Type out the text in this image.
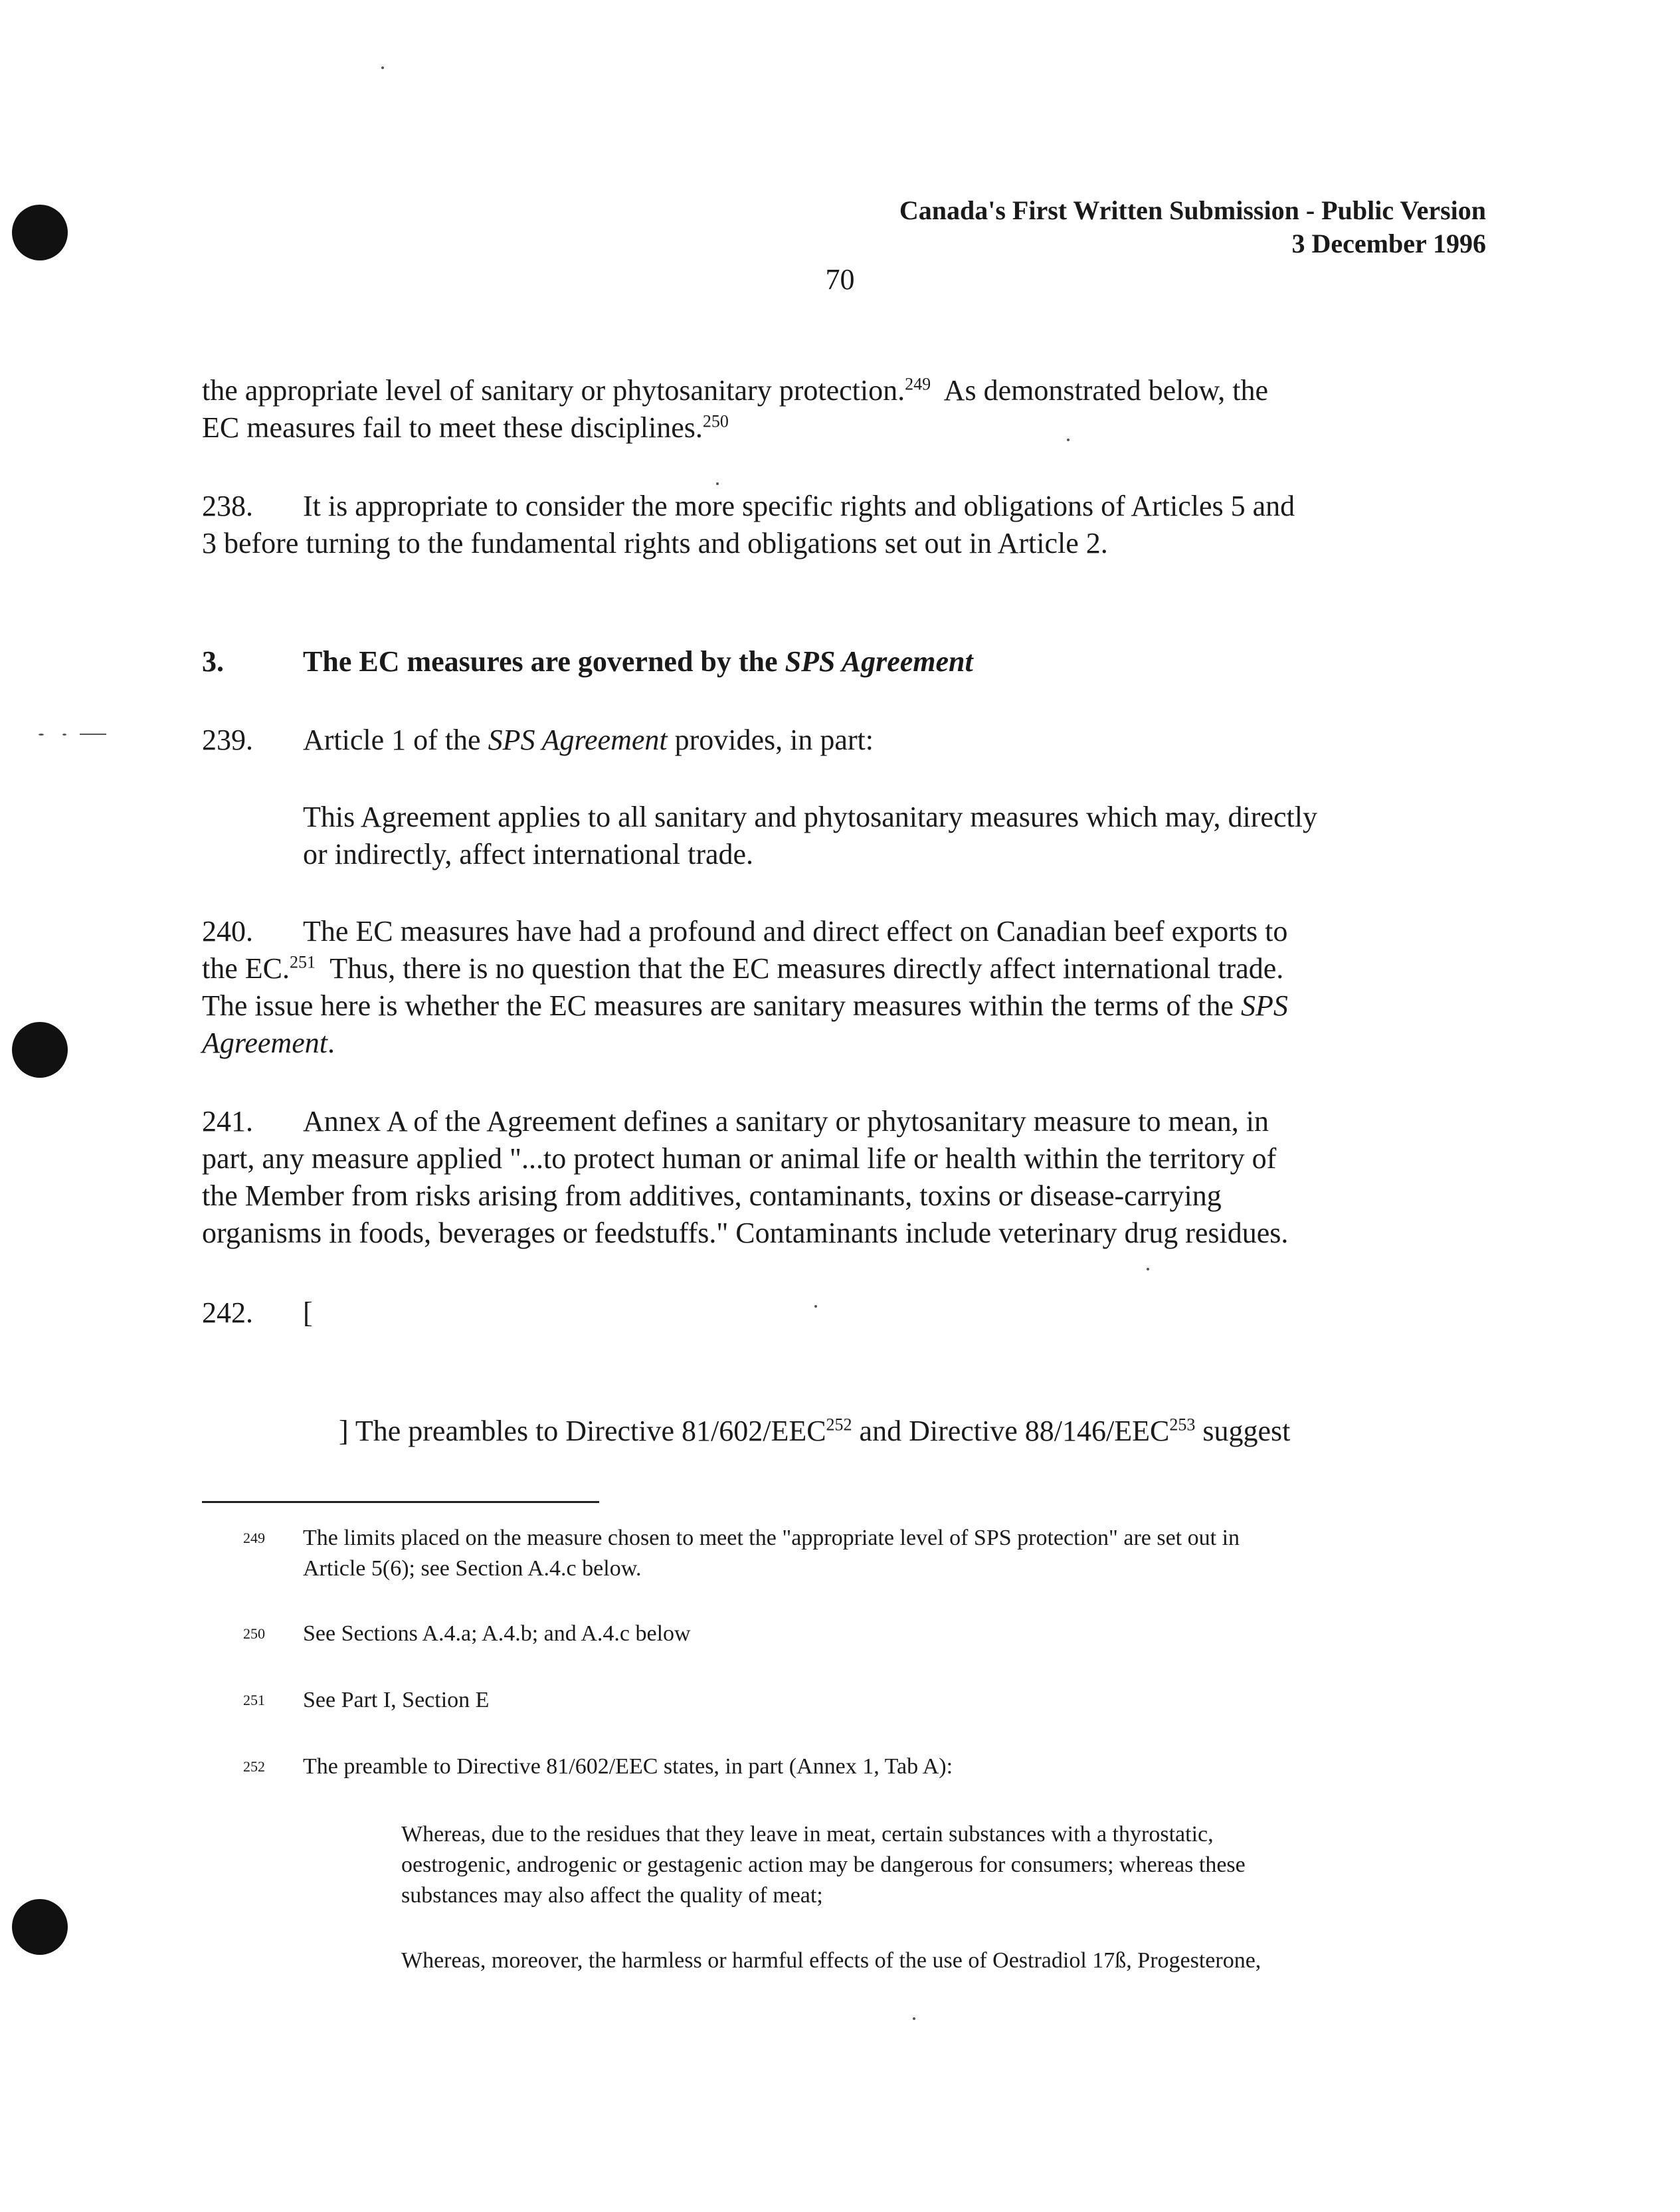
Canada's First Written Submission - Public Version
3 December 1996
70
the appropriate level of sanitary or phytosanitary protection.$^{249}$  As demonstrated below, the
EC measures fail to meet these disciplines.$^{250}$
238. It is appropriate to consider the more specific rights and obligations of Articles 5 and
3 before turning to the fundamental rights and obligations set out in Article 2.
3.	The EC measures are governed by the SPS Agreement
239. Article 1 of the SPS Agreement provides, in part:
This Agreement applies to all sanitary and phytosanitary measures which may, directly
or indirectly, affect international trade.
240. The EC measures have had a profound and direct effect on Canadian beef exports to
the EC.$^{251}$  Thus, there is no question that the EC measures directly affect international trade.
The issue here is whether the EC measures are sanitary measures within the terms of the SPS
Agreement.
241. Annex A of the Agreement defines a sanitary or phytosanitary measure to mean, in
part, any measure applied "...to protect human or animal life or health within the territory of
the Member from risks arising from additives, contaminants, toxins or disease-carrying
organisms in foods, beverages or feedstuffs." Contaminants include veterinary drug residues.
242. [
] The preambles to Directive 81/602/EEC$^{252}$ and Directive 88/146/EEC$^{253}$ suggest
249 The limits placed on the measure chosen to meet the "appropriate level of SPS protection" are set out in
Article 5(6); see Section A.4.c below.
250 See Sections A.4.a; A.4.b; and A.4.c below
251 See Part I, Section E
252 The preamble to Directive 81/602/EEC states, in part (Annex 1, Tab A):
Whereas, due to the residues that they leave in meat, certain substances with a thyrostatic,
oestrogenic, androgenic or gestagenic action may be dangerous for consumers; whereas these
substances may also affect the quality of meat;
Whereas, moreover, the harmless or harmful effects of the use of Oestradiol 17ß, Progesterone,
